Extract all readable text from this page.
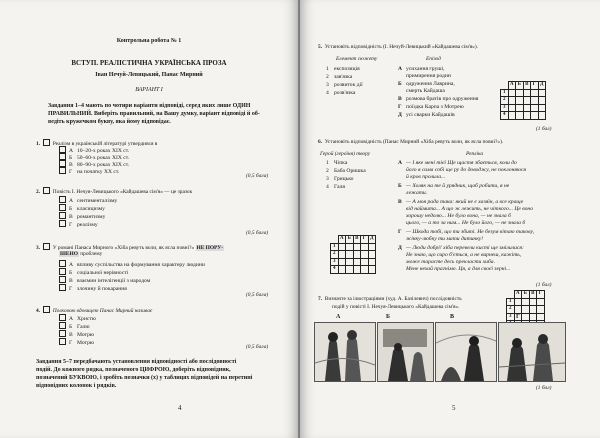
Контрольна робота № 1
ВСТУП. РЕАЛІСТИЧНА УКРАЇНСЬКА ПРОЗА
Іван Нечуй-Левицький, Панас Мирний
ВАРІАНТ І
Завдання 1–4 мають по чотири варіанти відповіді, серед яких лише ОДИН
ПРАВИЛЬНИЙ. Виберіть правильний, на Вашу думку, варіант відповіді й об-
ведіть кружечком букву, яка йому відповідає.
1. Реалізм в українській літературі утвердився в
А 10–20-х роках ХІХ ст.
Б 50–60-х роках ХІХ ст.
В 80–90-х роках ХІХ ст.
Г на початку ХХ ст.
(0,5 бала)
2. Повість І. Нечуя-Левицького «Кайдашева сім'я» — це зразок
А сентименталізму
Б класицизму
В романтизму
Г реалізму
(0,5 бала)
3. У романі Панаса Мирного «Хіба ревуть воли, як ясла повні?» НЕ ПОРУ-
ШЕНО проблему
А впливу суспільства на формування характеру людини
Б соціальної нерівності
В взаємин інтелігенції з народом
Г злочину й покарання
(0,5 бала)
4. Полковою вдовицею Панас Мирний називає
А Христю
Б Галю
В Мотрю
Г Мотрю
(0,5 бала)
Завдання 5–7 передбачають установлення відповідності або послідовності
подій. До кожного рядка, позначеного ЦИФРОЮ, доберіть відповідник,
позначений БУКВОЮ, і зробіть позначки (х) у таблицях відповідей на перетині
відповідних колонок і рядків.
4
5. Установіть відповідність (І. Нечуй-Левицький «Кайдашева сім'я»).
Елемент сюжету	Епізод
1 експозиція
2 зав'язка
3 розвиток дії
4 розв'язка
А усихання груші,
примирення родин
Б одруження Лаврина,
смерть Кайдаша
В розмова братів про одруження
Г поїздка Карпа з Мотрею
Д усі сварки Кайдашів
	А	Б	В	Г	Д
1					
2					
3					
4					
(1 бал)
6. Установіть відповідність (Панас Мирний «Хіба ревуть воли, як ясла повні?»).
Герой (героїня) твору	Репліка
1 Чіпка
2 Баба Оришка
3 Грицько
4 Галя
А — І яке мені тієї Ще щастя збається, коли до
його я сама собі ще ру до доводжу, не поклоняюся
й кров пролила...
Б — Холяк на те й урядник, щоб робити, я не
лежати.
В — А моя рада така: який не є хазяїн, а все краще
від наймита... А що ж лежить, не чіткого... Це воно
хорошу недолю... Не було вона, — не знала б
цього, — а то за ним... Не було його, — не знала б
Г — Шкода тобі, що ти збиті. Не безум вітаю такову,
жінку-любку ти мати дитинку!
Д — Люди добрі! хіба перевели кисті ще змілилися:
Не знаю, що сиро б'ється, а не вирнеш, кажіть,
може тарасте десь прекласти хиба.
Мене нехай прагнімо. Ця, а для своєї зерні...
	А	Б	В	Г	Д
1					
2					
3					
4					
(1 бал)
7. Визначте за ілюстраціями (худ. А. Базілевич) послідовність
подій у повісті І. Нечуя-Левицького «Кайдашева сім'я».
	А	Б	В	Г
1				
2				
3				

А	Б	В	Г
(1 бал)
5
